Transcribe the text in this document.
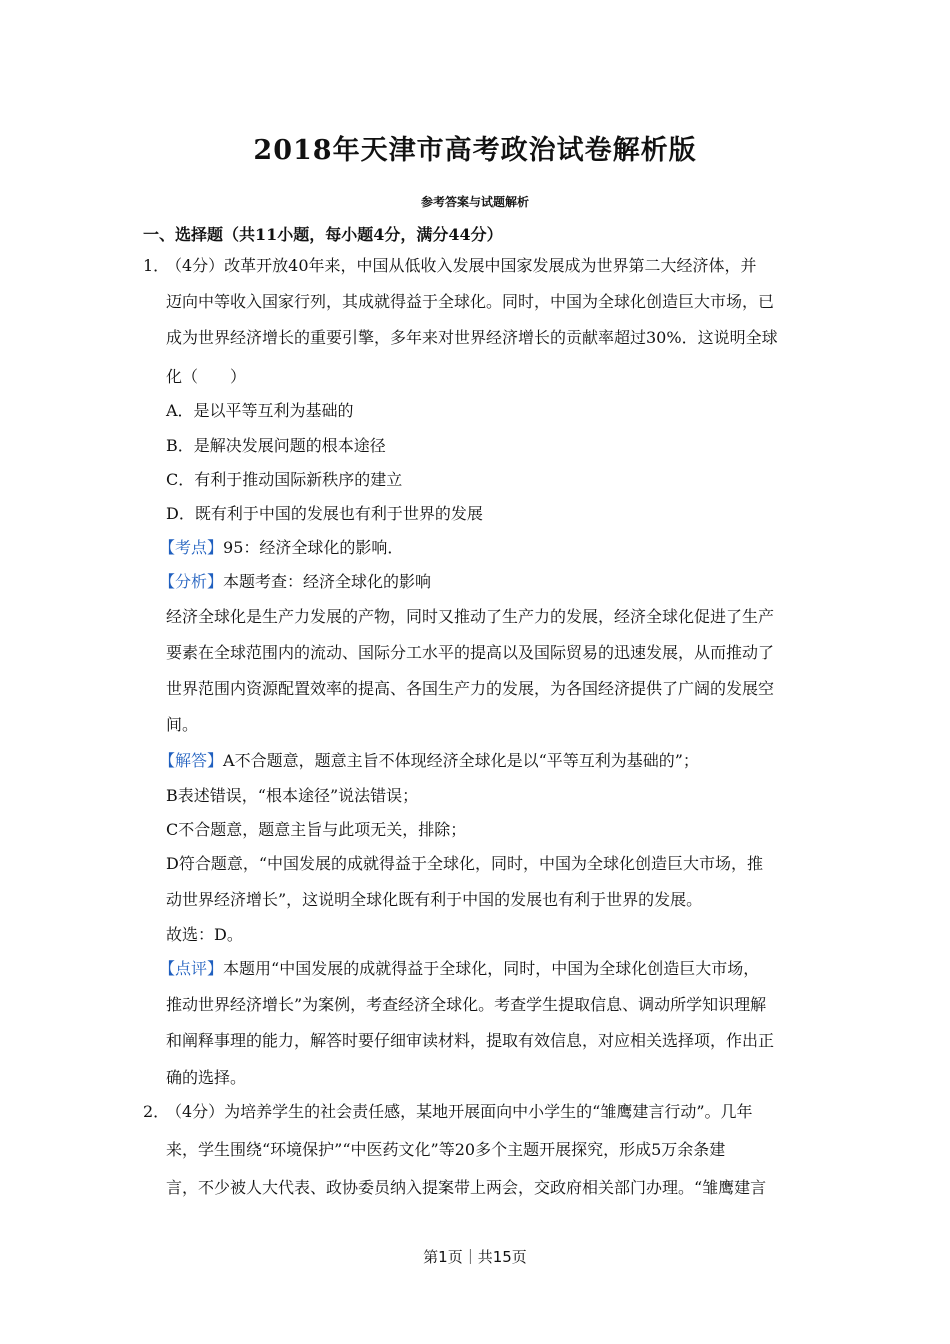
2018年天津市高考政治试卷解析版
参考答案与试题解析
一、选择题（共11小题，每小题4分，满分44分）
1．
（4分）改革开放40年来，中国从低收入发展中国家发展成为世界第二大经济体，并
迈向中等收入国家行列，其成就得益于全球化。同时，中国为全球化创造巨大市场，已
成为世界经济增长的重要引擎，多年来对世界经济增长的贡献率超过30%．这说明全球
化（　　）
A．是以平等互利为基础的
B．是解决发展问题的根本途径
C．有利于推动国际新秩序的建立
D．既有利于中国的发展也有利于世界的发展
【考点】95：经济全球化的影响．
【分析】本题考查：经济全球化的影响
经济全球化是生产力发展的产物，同时又推动了生产力的发展，经济全球化促进了生产
要素在全球范围内的流动、国际分工水平的提高以及国际贸易的迅速发展，从而推动了
世界范围内资源配置效率的提高、各国生产力的发展，为各国经济提供了广阔的发展空
间。
【解答】A不合题意，题意主旨不体现经济全球化是以“平等互利为基础的”；
B表述错误，“根本途径”说法错误；
C不合题意，题意主旨与此项无关，排除；
D符合题意，“中国发展的成就得益于全球化，同时，中国为全球化创造巨大市场，推
动世界经济增长”，这说明全球化既有利于中国的发展也有利于世界的发展。
故选：D。
【点评】本题用“中国发展的成就得益于全球化，同时，中国为全球化创造巨大市场，
推动世界经济增长”为案例，考查经济全球化。考查学生提取信息、调动所学知识理解
和阐释事理的能力，解答时要仔细审读材料，提取有效信息，对应相关选择项，作出正
确的选择。
2．
（4分）为培养学生的社会责任感，某地开展面向中小学生的“雏鹰建言行动”。几年
来，学生围绕“环境保护”“中医药文化”等20多个主题开展探究，形成5万余条建
言，不少被人大代表、政协委员纳入提案带上两会，交政府相关部门办理。“雏鹰建言
第1页｜共15页
